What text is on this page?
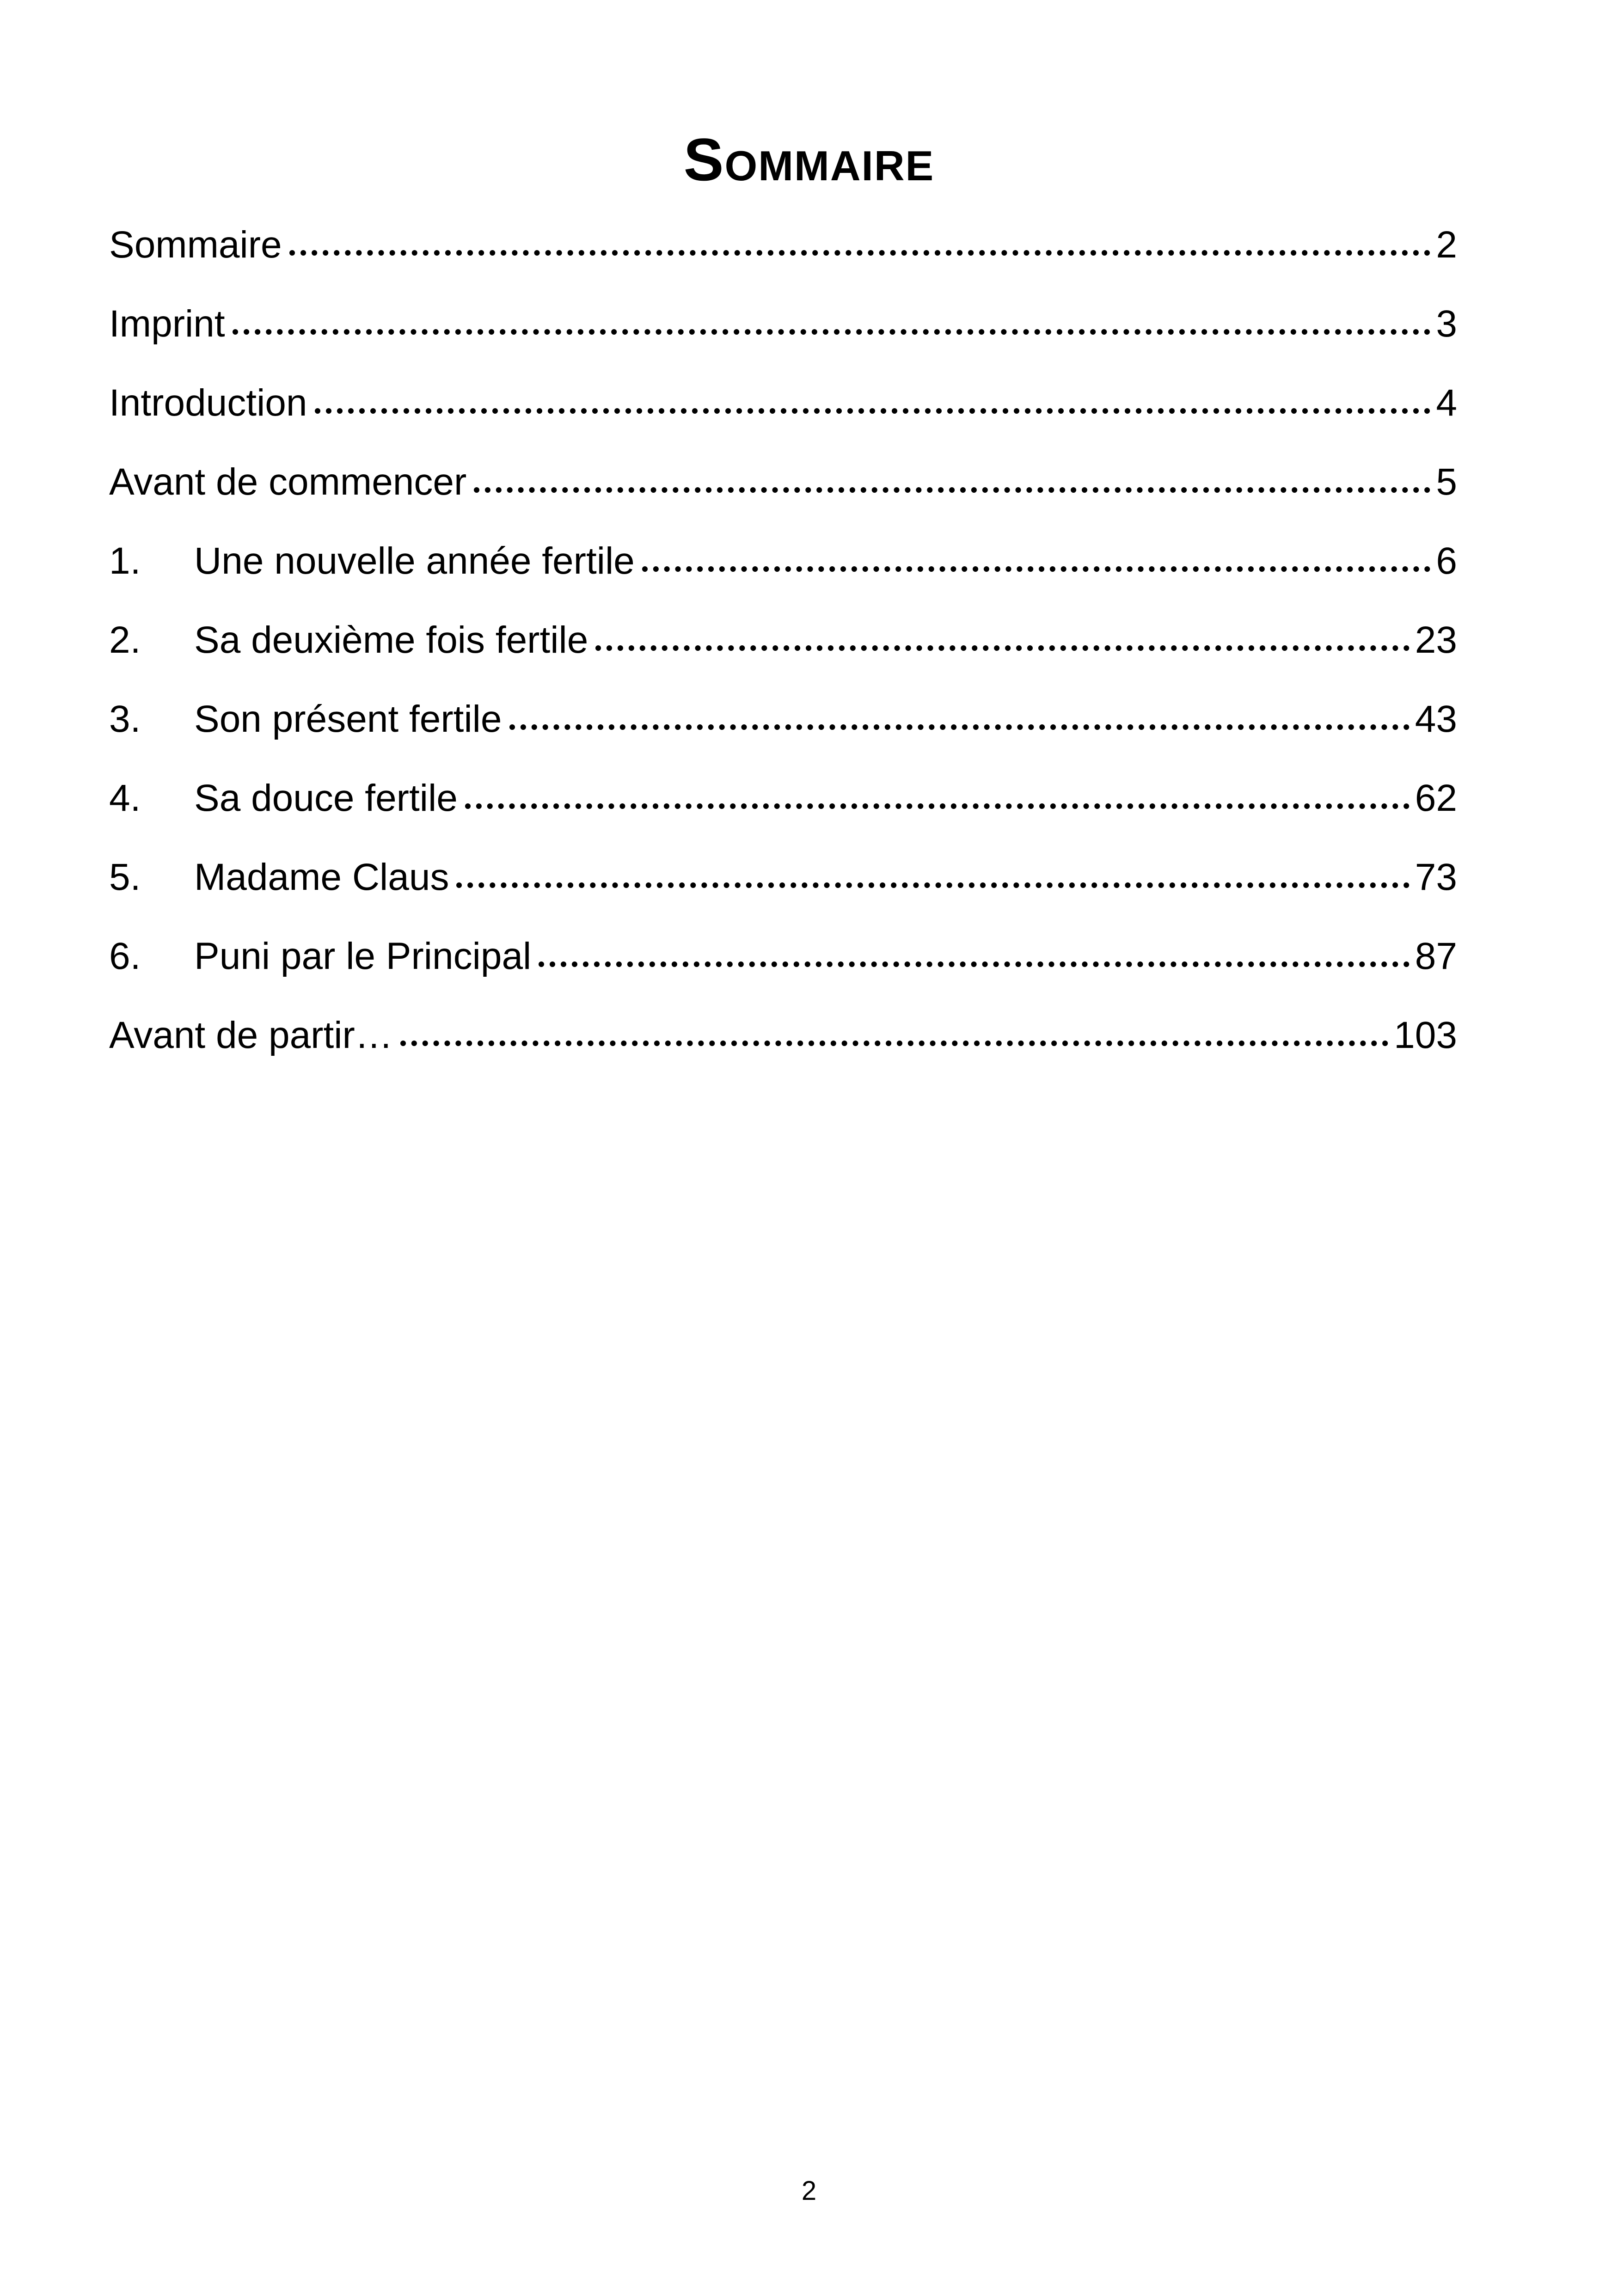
Sommaire
Sommaire	2
Imprint	3
Introduction	4
Avant de commencer	5
1.	Une nouvelle année fertile	6
2.	Sa deuxième fois fertile	23
3.	Son présent fertile	43
4.	Sa douce fertile	62
5.	Madame Claus	73
6.	Puni par le Principal	87
Avant de partir…	103
2
